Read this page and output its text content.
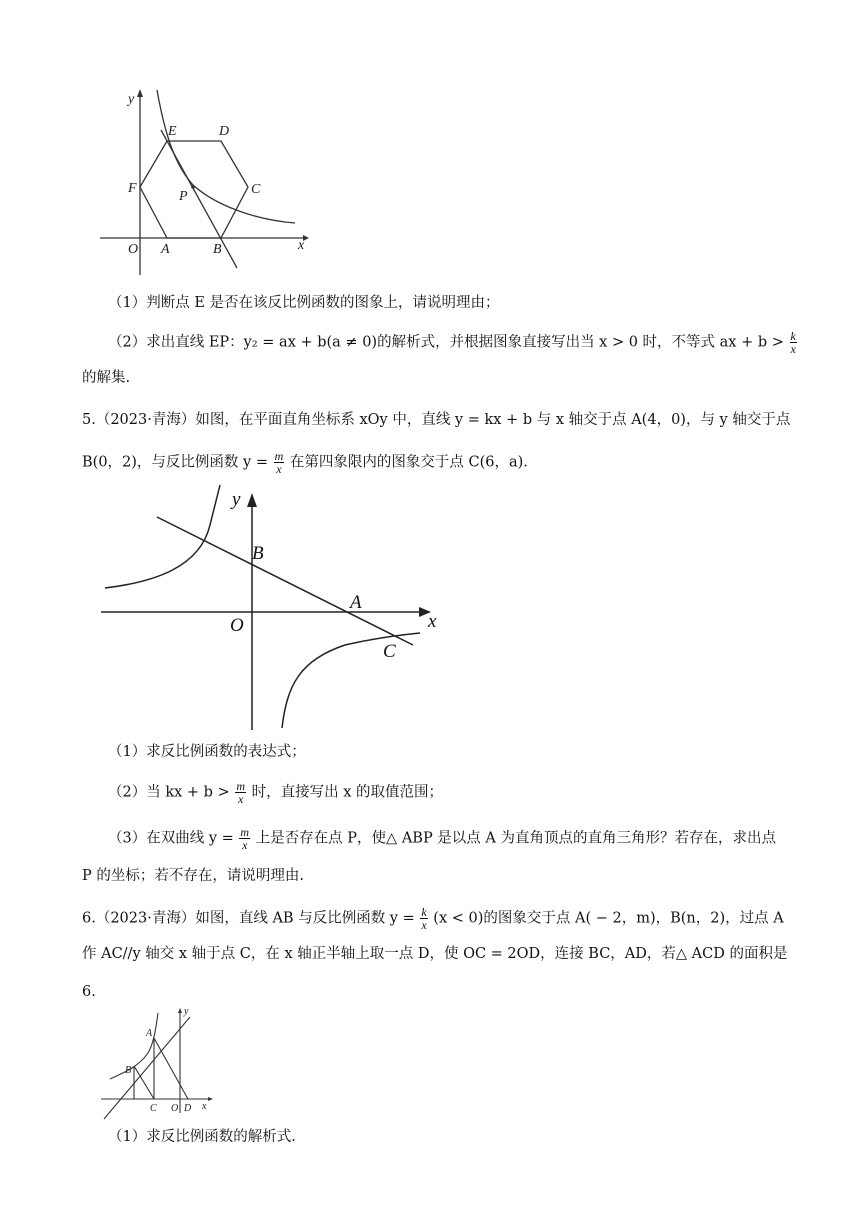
y
x
O A	B
C
D
E
F
P
（1）判断点 E 是否在该反比例函数的图象上，请说明理由；
（2）求出直线 EP：y₂ = ax + b(a ≠ 0)的解析式，并根据图象直接写出当 x > 0 时，不等式 ax + $b > \frac{k}{x}$
的解集.
5.（2023·青海）如图，在平面直角坐标系 xOy 中，直线 y = kx + b 与 x 轴交于点 A(4，0)，与 y 轴交于点
B(0，2)，与反比例函数 $y = \frac{m}{x}$ 在第四象限内的图象交于点 C(6，a).
y
x
O
A
B
C
（1）求反比例函数的表达式；
（2）当 kx + $b > \frac{m}{x}$ 时，直接写出 x 的取值范围；
（3）在双曲线 $y = \frac{m}{x}$ 上是否存在点 P，使△ ABP 是以点 A 为直角顶点的直角三角形？若存在，求出点
P 的坐标；若不存在，请说明理由.
6.（2023·青海）如图，直线 AB 与反比例函数 $y = \frac{k}{x} (x < 0)$的图象交于点 A( − 2，m)，B(n，2)，过点 A
作 AC//y 轴交 x 轴于点 C，在 x 轴正半轴上取一点 D，使 OC = 2OD，连接 BC，AD，若△ ACD 的面积是
6.
y
x
O
A
B
C	D
（1）求反比例函数的解析式.
